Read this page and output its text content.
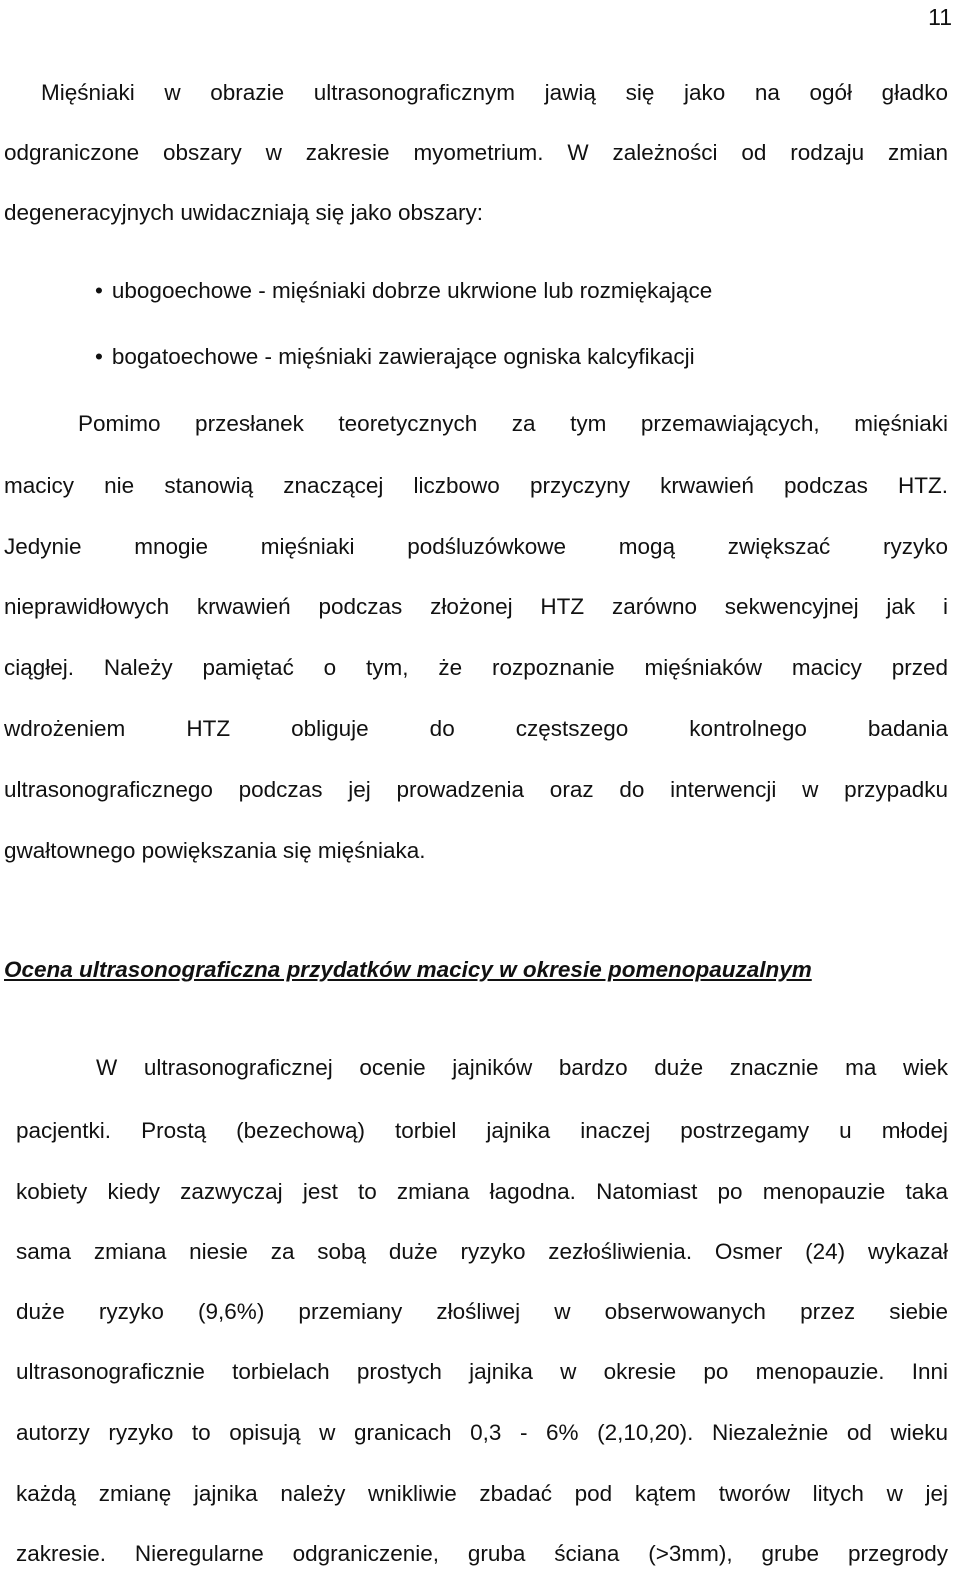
11
Mięśniaki w obrazie ultrasonograficznym jawią się jako na ogół gładko
odgraniczone obszary w zakresie myometrium. W zależności od rodzaju zmian
degeneracyjnych uwidaczniają się jako obszary:
• ubogoechowe - mięśniaki dobrze ukrwione lub rozmiękające
• bogatoechowe - mięśniaki zawierające ogniska kalcyfikacji
Pomimo przesłanek teoretycznych za tym przemawiających, mięśniaki
macicy nie stanowią znaczącej liczbowo przyczyny krwawień podczas HTZ.
Jedynie mnogie mięśniaki podśluzówkowe mogą zwiększać ryzyko
nieprawidłowych krwawień podczas złożonej HTZ zarówno sekwencyjnej jak i
ciągłej. Należy pamiętać o tym, że rozpoznanie mięśniaków macicy przed
wdrożeniem HTZ obliguje do częstszego kontrolnego badania
ultrasonograficznego podczas jej prowadzenia oraz do interwencji w przypadku
gwałtownego powiększania się mięśniaka.
Ocena ultrasonograficzna przydatków macicy w okresie pomenopauzalnym
W ultrasonograficznej ocenie jajników bardzo duże znacznie ma wiek
pacjentki. Prostą (bezechową) torbiel jajnika inaczej postrzegamy u młodej
kobiety kiedy zazwyczaj jest to zmiana łagodna. Natomiast po menopauzie taka
sama zmiana niesie za sobą duże ryzyko zezłośliwienia. Osmer (24) wykazał
duże ryzyko (9,6%) przemiany złośliwej w obserwowanych przez siebie
ultrasonograficznie torbielach prostych jajnika w okresie po menopauzie. Inni
autorzy ryzyko to opisują w granicach 0,3 - 6% (2,10,20). Niezależnie od wieku
każdą zmianę jajnika należy wnikliwie zbadać pod kątem tworów litych w jej
zakresie. Nieregularne odgraniczenie, gruba ściana (>3mm), grube przegrody
